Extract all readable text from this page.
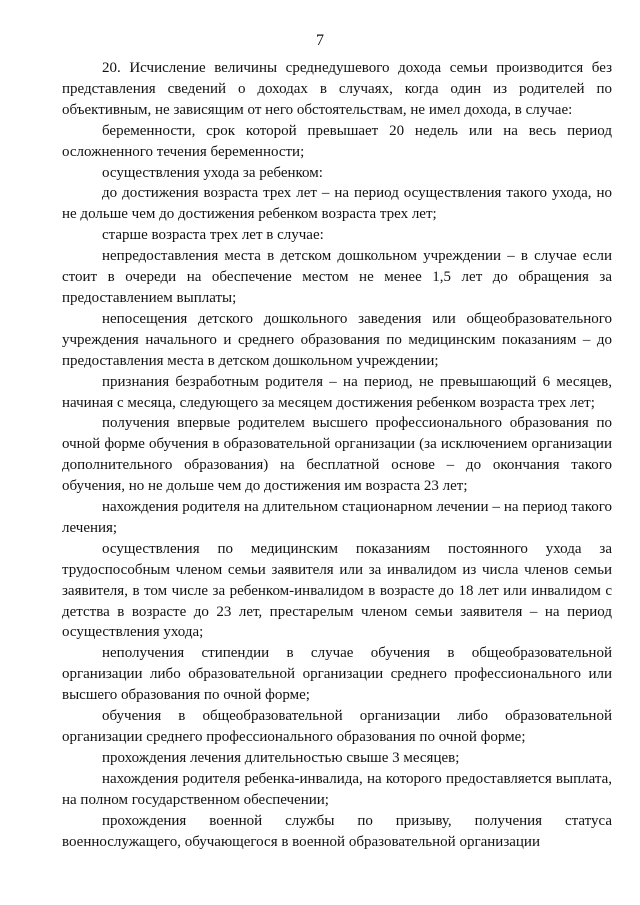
7

20. Исчисление величины среднедушевого дохода семьи производится без представления сведений о доходах в случаях, когда один из родителей по объективным, не зависящим от него обстоятельствам, не имел дохода, в случае:

беременности, срок которой превышает 20 недель или на весь период осложненного течения беременности;

осуществления ухода за ребенком:

до достижения возраста трех лет – на период осуществления такого ухода, но не дольше чем до достижения ребенком возраста трех лет;

старше возраста трех лет в случае:

непредоставления места в детском дошкольном учреждении – в случае если стоит в очереди на обеспечение местом не менее 1,5 лет до обращения за предоставлением выплаты;

непосещения детского дошкольного заведения или общеобразовательного учреждения начального и среднего образования по медицинским показаниям – до предоставления места в детском дошкольном учреждении;

признания безработным родителя – на период, не превышающий 6 месяцев, начиная с месяца, следующего за месяцем достижения ребенком возраста трех лет;

получения впервые родителем высшего профессионального образования по очной форме обучения в образовательной организации (за исключением организации дополнительного образования) на бесплатной основе – до окончания такого обучения, но не дольше чем до достижения им возраста 23 лет;

нахождения родителя на длительном стационарном лечении – на период такого лечения;

осуществления по медицинским показаниям постоянного ухода за трудоспособным членом семьи заявителя или за инвалидом из числа членов семьи заявителя, в том числе за ребенком-инвалидом в возрасте до 18 лет или инвалидом с детства в возрасте до 23 лет, престарелым членом семьи заявителя – на период осуществления ухода;

неполучения стипендии в случае обучения в общеобразовательной организации либо образовательной организации среднего профессионального или высшего образования по очной форме;

обучения в общеобразовательной организации либо образовательной организации среднего профессионального образования по очной форме;

прохождения лечения длительностью свыше 3 месяцев;

нахождения родителя ребенка-инвалида, на которого предоставляется выплата, на полном государственном обеспечении;

прохождения военной службы по призыву, получения статуса военнослужащего, обучающегося в военной образовательной организации
